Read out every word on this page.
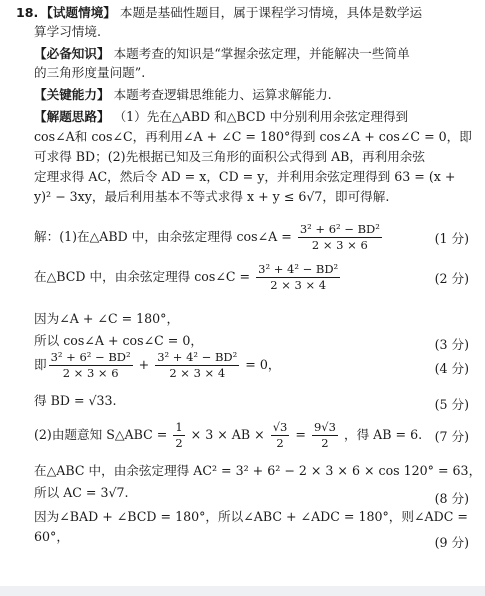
18. 【试题情境】 本题是基础性题目，属于课程学习情境，具体是数学运
算学习情境.
【必备知识】 本题考查的知识是“掌握余弦定理，并能解决一些简单
的三角形度量问题”.
【关键能力】 本题考查逻辑思维能力、运算求解能力.
【解题思路】 （1）先在△ABD 和△BCD 中分别利用余弦定理得到
cos∠A和 cos∠C，再利用∠A + ∠C = 180°得到 cos∠A + cos∠C = 0，即
可求得 BD；(2)先根据已知及三角形的面积公式得到 AB，再利用余弦
定理求得 AC，然后令 AD = x，CD = y，并利用余弦定理得到 63 = (x +
y)² − 3xy，最后利用基本不等式求得 x + y ≤ 6√7，即可得解.
解：(1)在△ABD 中，由余弦定理得 cos∠A = $\frac{\text{3² + 6² − BD²}}{2 \times 3 \times 6}$	(1 分)
在△BCD 中，由余弦定理得 cos∠C = $\frac{\text{3² + 4² − BD²}}{2 \times 3 \times 4}$	(2 分)
因为∠A + ∠C = 180°，
所以 cos∠A + cos∠C = 0，	(3 分)
即 $\frac{\text{3² + 6² − BD²}}{2 \times 3 \times 6} + \frac{\text{3² + 4² − BD²}}{2 \times 3 \times 4} = 0$，	(4 分)
得 BD = √33.	(5 分)
(2)由题意知 S△ABC = $\frac{1}{2} \times 3$ × AB × $\frac{√3}{2} = \frac{9√3}{2}$ ，得 AB = 6. (7 分)
在△ABC 中，由余弦定理得 AC² = 3² + 6² − 2 × 3 × 6 × cos 120° = 63，
所以 AC = 3√7.	(8 分)
因为∠BAD + ∠BCD = 180°，所以∠ABC + ∠ADC = 180°，则∠ADC =
60°，	(9 分)
